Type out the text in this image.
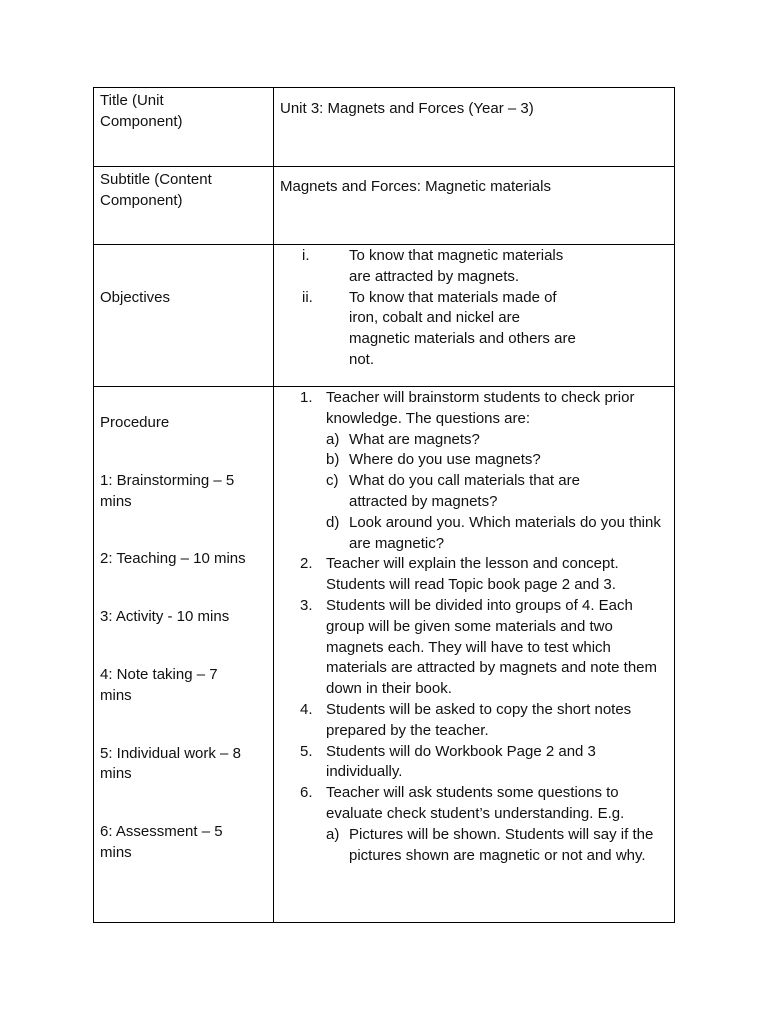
Title (Unit Component)

Unit 3: Magnets and Forces (Year – 3)

Subtitle (Content Component)

Magnets and Forces: Magnetic materials

Objectives

i.	To know that magnetic materials are attracted by magnets.
ii. To know that materials made of iron, cobalt and nickel are magnetic materials and others are not.

Procedure

1: Brainstorming – 5 mins

2: Teaching – 10 mins

3: Activity - 10 mins

4: Note taking – 7 mins

5: Individual work – 8 mins

6: Assessment – 5 mins

1. Teacher will brainstorm students to check prior knowledge. The questions are:
a) What are magnets?
b) Where do you use magnets?
c) What do you call materials that are attracted by magnets?
d) Look around you. Which materials do you think are magnetic?
2. Teacher will explain the lesson and concept. Students will read Topic book page 2 and 3.
3. Students will be divided into groups of 4. Each group will be given some materials and two magnets each. They will have to test which materials are attracted by magnets and note them down in their book.
4. Students will be asked to copy the short notes prepared by the teacher.
5. Students will do Workbook Page 2 and 3 individually.
6. Teacher will ask students some questions to evaluate check student’s understanding. E.g.
a) Pictures will be shown. Students will say if the pictures shown are magnetic or not and why.
